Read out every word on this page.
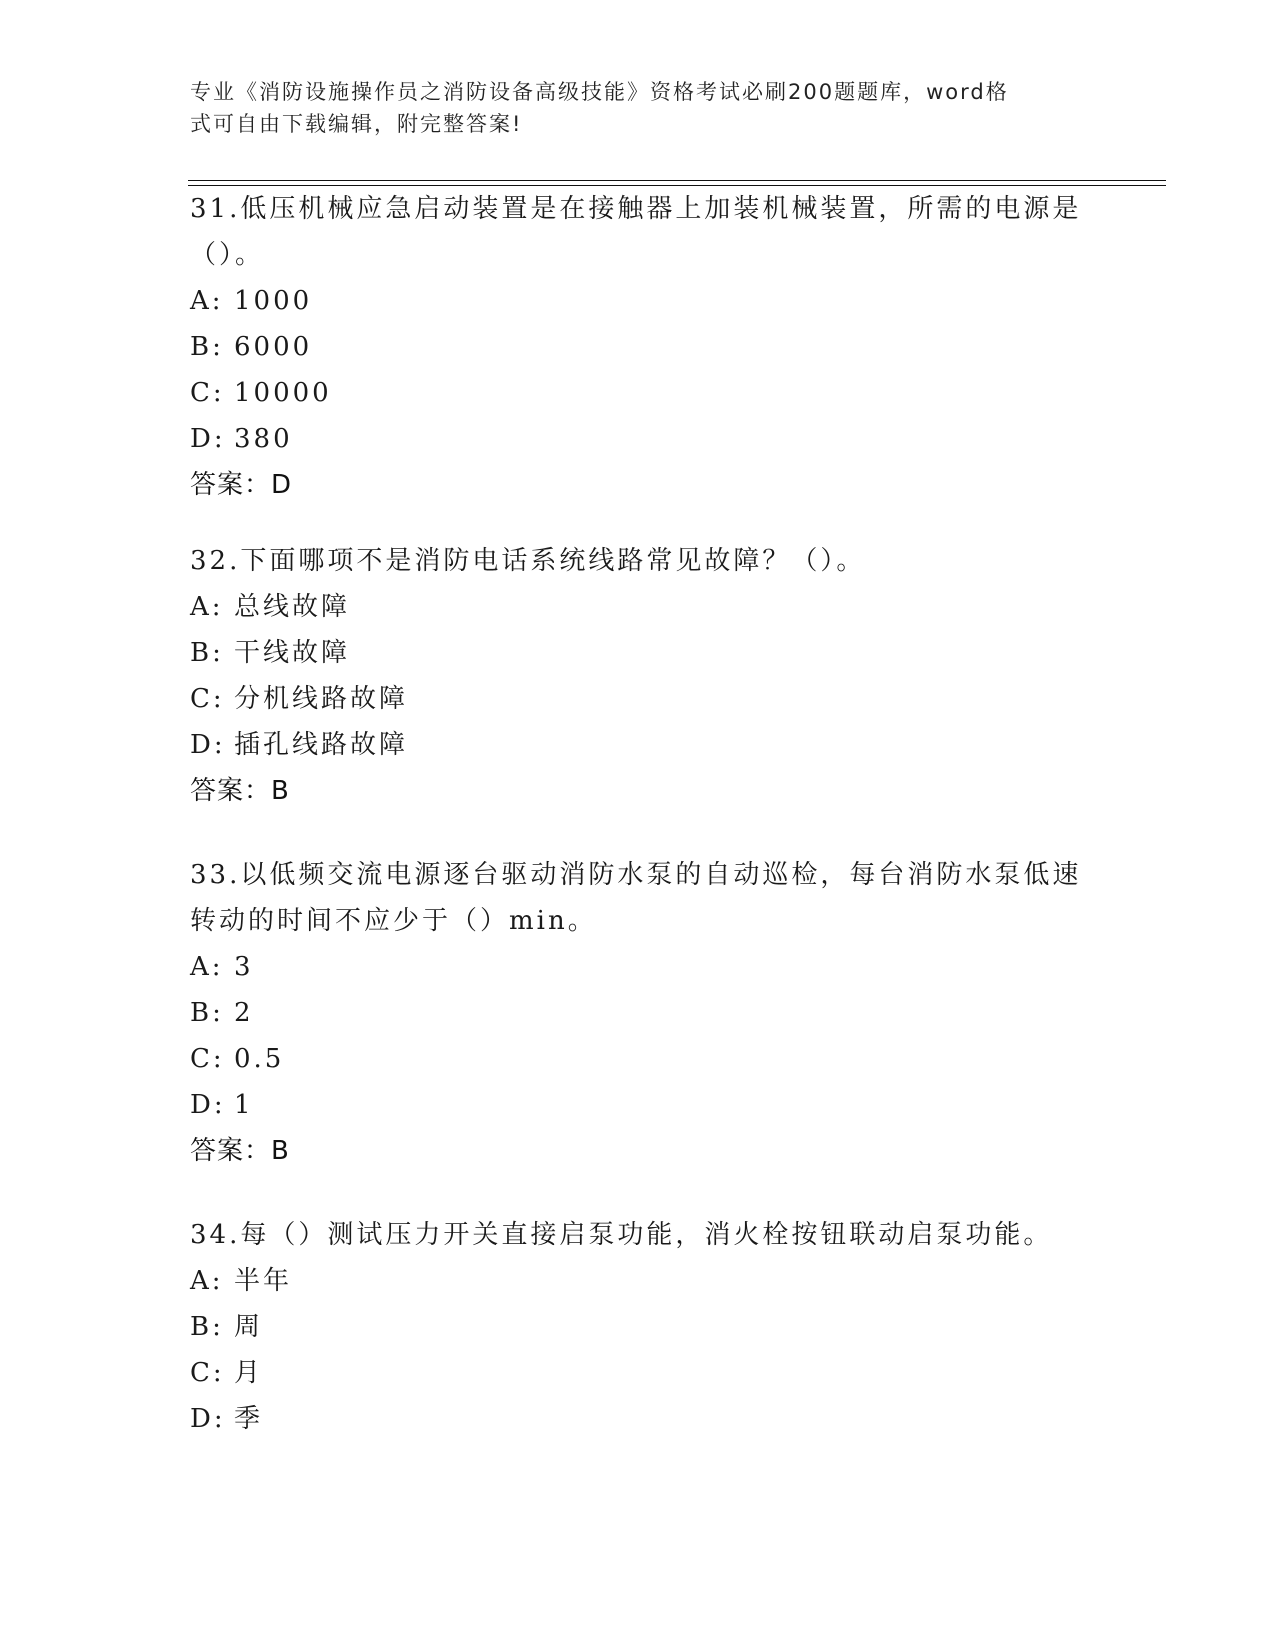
专业《消防设施操作员之消防设备高级技能》资格考试必刷200题题库，word格
式可自由下载编辑，附完整答案!

31.低压机械应急启动装置是在接触器上加装机械装置，所需的电源是

（）。

A: 1000
B: 6000
C: 10000
D: 380

答案：D

32.下面哪项不是消防电话系统线路常见故障？（）。

A: 总线故障
B: 干线故障
C: 分机线路故障
D: 插孔线路故障

答案：B

33.以低频交流电源逐台驱动消防水泵的自动巡检，每台消防水泵低速

转动的时间不应少于（）min。

A: 3
B: 2
C: 0.5
D: 1

答案：B

34.每（）测试压力开关直接启泵功能，消火栓按钮联动启泵功能。

A: 半年
B: 周
C: 月
D: 季
